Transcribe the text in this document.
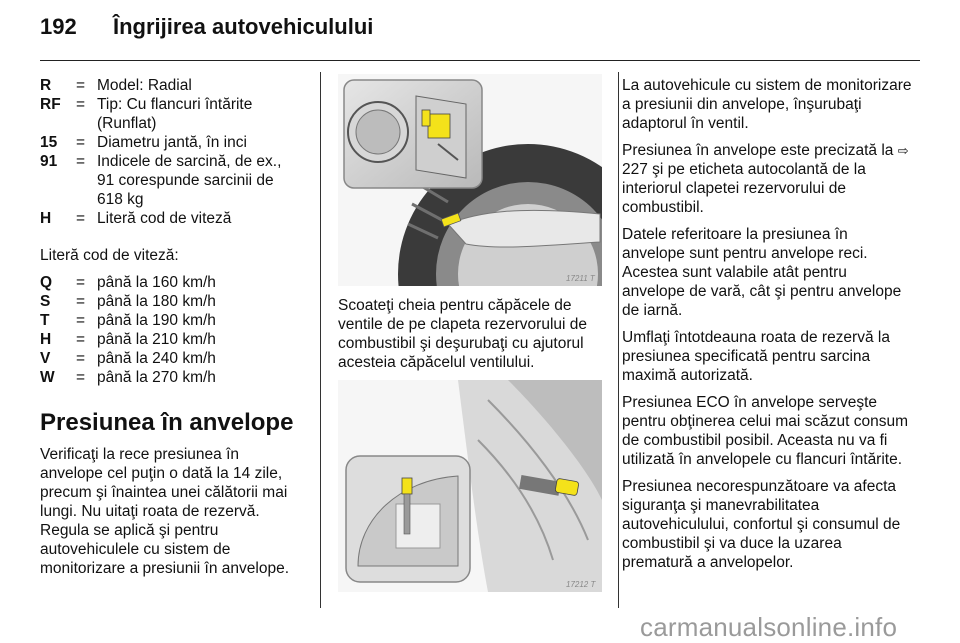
192 Îngrijirea autovehiculului
R	= Model: Radial
RF = Tip: Cu flancuri întărite (Runflat)
15	= Diametru jantă, în inci
91	= Indicele de sarcină, de ex., 91 corespunde sarcinii de 618 kg
H	= Literă cod de viteză
Literă cod de viteză:
Q	= până la 160 km/h
S	= până la 180 km/h
T	= până la 190 km/h
H	= până la 210 km/h
V	= până la 240 km/h
W	= până la 270 km/h
Presiunea în anvelope
Verificaţi la rece presiunea în anvelope cel puţin o dată la 14 zile, precum şi înaintea unei călătorii mai lungi. Nu uitaţi roata de rezervă. Regula se aplică şi pentru autovehiculele cu sistem de monitorizare a presiunii în anvelope.
17211 T
Scoateţi cheia pentru căpăcele de ventile de pe clapeta rezervorului de combustibil şi deşurubaţi cu ajutorul acesteia căpăcelul ventilului.
17212 T

La autovehicule cu sistem de monitorizare a presiunii din anvelope, înşurubaţi adaptorul în ventil.

Presiunea în anvelope este precizată la ⇨ 227 şi pe eticheta autocolantă de la interiorul clapetei rezervorului de combustibil.

Datele referitoare la presiunea în anvelope sunt pentru anvelope reci. Acestea sunt valabile atât pentru anvelope de vară, cât şi pentru anvelope de iarnă.

Umflaţi întotdeauna roata de rezervă la presiunea specificată pentru sarcina maximă autorizată.

Presiunea ECO în anvelope serveşte pentru obţinerea celui mai scăzut consum de combustibil posibil. Aceasta nu va fi utilizată în anvelopele cu flancuri întărite.

Presiunea necorespunzătoare va afecta siguranţa şi manevrabilitatea autovehiculului, confortul şi consumul de combustibil şi va duce la uzarea prematură a anvelopelor.

carmanualsonline.info
